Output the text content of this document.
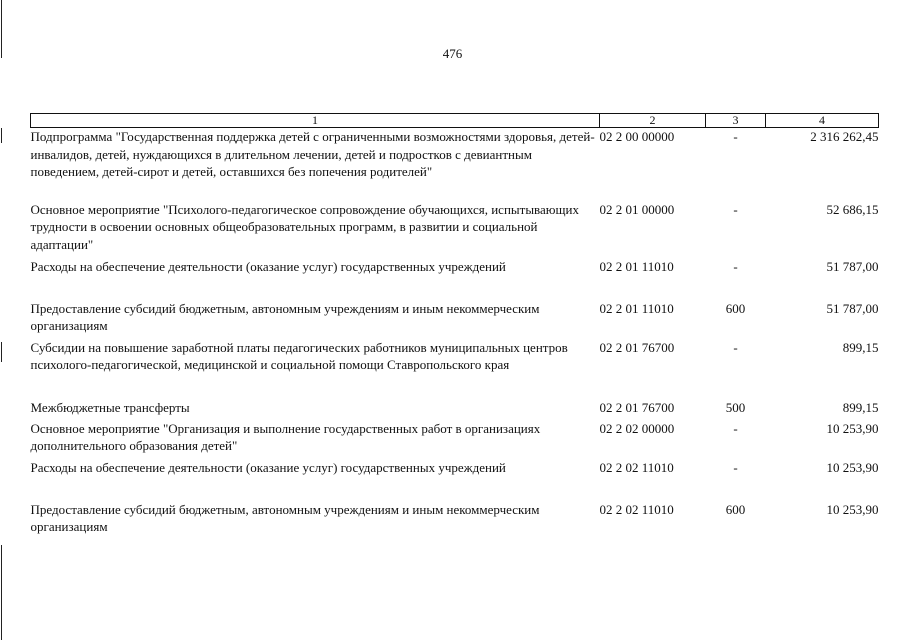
476
1	2	3	4
Подпрограмма "Государственная поддержка детей с ограниченными возможностями здоровья, детей-инвалидов, детей, нуждающихся в длительном лечении, детей и подростков с девиантным поведением, детей-сирот и детей, оставшихся без попечения родителей"	02 2 00 00000	-	2 316 262,45
Основное мероприятие "Психолого-педагогическое сопровождение обучающихся, испытывающих трудности в освоении основных общеобразовательных программ, в развитии и социальной адаптации"	02 2 01 00000	-	52 686,15
Расходы на обеспечение деятельности (оказание услуг) государственных учреждений	02 2 01 11010	-	51 787,00
Предоставление субсидий бюджетным, автономным учреждениям и иным некоммерческим организациям	02 2 01 11010	600	51 787,00
Субсидии на повышение заработной платы педагогических работников муниципальных центров психолого-педагогической, медицинской и социальной помощи Ставропольского края	02 2 01 76700	-	899,15
Межбюджетные трансферты	02 2 01 76700	500	899,15
Основное мероприятие "Организация и выполнение государственных работ в организациях дополнительного образования детей"	02 2 02 00000	-	10 253,90
Расходы на обеспечение деятельности (оказание услуг) государственных учреждений	02 2 02 11010	-	10 253,90
Предоставление субсидий бюджетным, автономным учреждениям и иным некоммерческим организациям	02 2 02 11010	600	10 253,90
